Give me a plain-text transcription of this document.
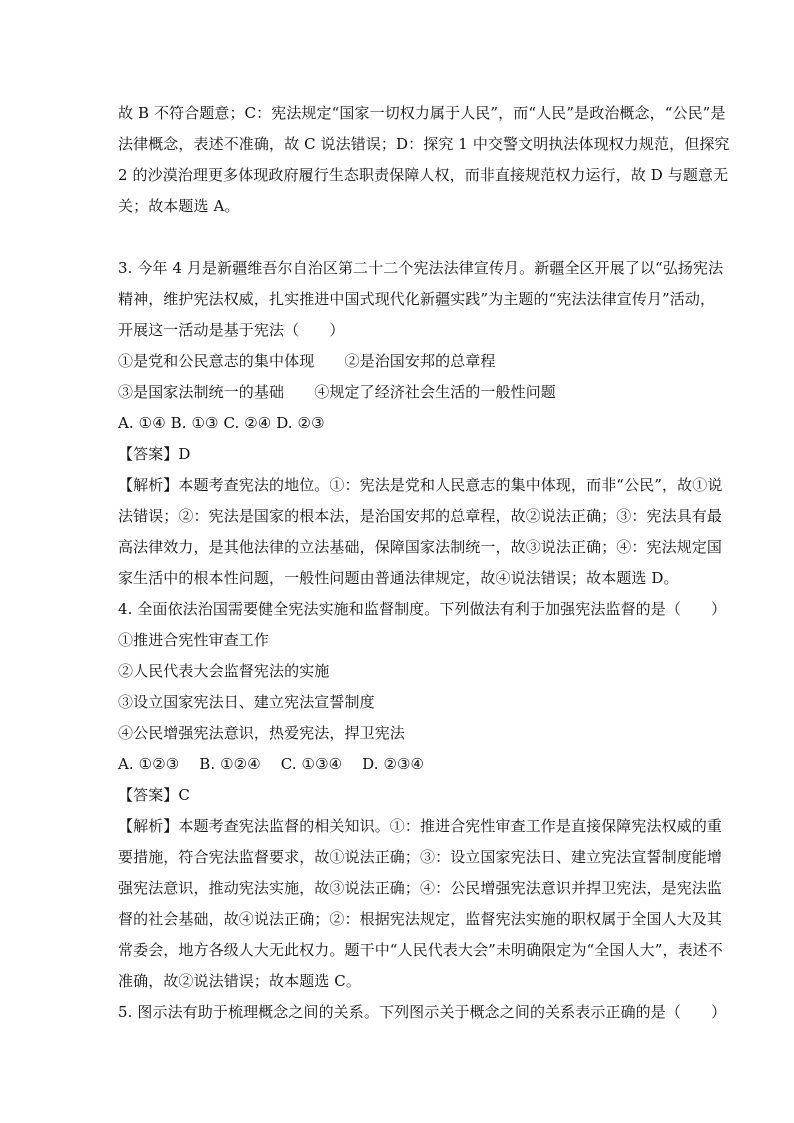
故 B 不符合题意；C：宪法规定“国家一切权力属于人民”，而“人民”是政治概念，“公民”是
法律概念，表述不准确，故 C 说法错误；D：探究 1 中交警文明执法体现权力规范，但探究
2 的沙漠治理更多体现政府履行生态职责保障人权，而非直接规范权力运行，故 D 与题意无
关；故本题选 A。
3. 今年 4 月是新疆维吾尔自治区第二十二个宪法法律宣传月。新疆全区开展了以“弘扬宪法
精神，维护宪法权威，扎实推进中国式现代化新疆实践”为主题的“宪法法律宣传月”活动，
开展这一活动是基于宪法（　　）
①是党和公民意志的集中体现　　②是治国安邦的总章程
③是国家法制统一的基础　　④规定了经济社会生活的一般性问题
A. ①④ B. ①③ C. ②④ D. ②③
【答案】D
【解析】本题考查宪法的地位。①：宪法是党和人民意志的集中体现，而非“公民”，故①说
法错误；②：宪法是国家的根本法，是治国安邦的总章程，故②说法正确；③：宪法具有最
高法律效力，是其他法律的立法基础，保障国家法制统一，故③说法正确；④：宪法规定国
家生活中的根本性问题，一般性问题由普通法律规定，故④说法错误；故本题选 D。
4. 全面依法治国需要健全宪法实施和监督制度。下列做法有利于加强宪法监督的是（　　）
①推进合宪性审查工作
②人民代表大会监督宪法的实施
③设立国家宪法日、建立宪法宣誓制度
④公民增强宪法意识，热爱宪法，捍卫宪法
A. ①②③　 B. ①②④　 C. ①③④　 D. ②③④
【答案】C
【解析】本题考查宪法监督的相关知识。①：推进合宪性审查工作是直接保障宪法权威的重
要措施，符合宪法监督要求，故①说法正确；③：设立国家宪法日、建立宪法宣誓制度能增
强宪法意识，推动宪法实施，故③说法正确；④：公民增强宪法意识并捍卫宪法，是宪法监
督的社会基础，故④说法正确；②：根据宪法规定，监督宪法实施的职权属于全国人大及其
常委会，地方各级人大无此权力。题干中“人民代表大会”未明确限定为“全国人大”，表述不
准确，故②说法错误；故本题选 C。
5. 图示法有助于梳理概念之间的关系。下列图示关于概念之间的关系表示正确的是（　　）
